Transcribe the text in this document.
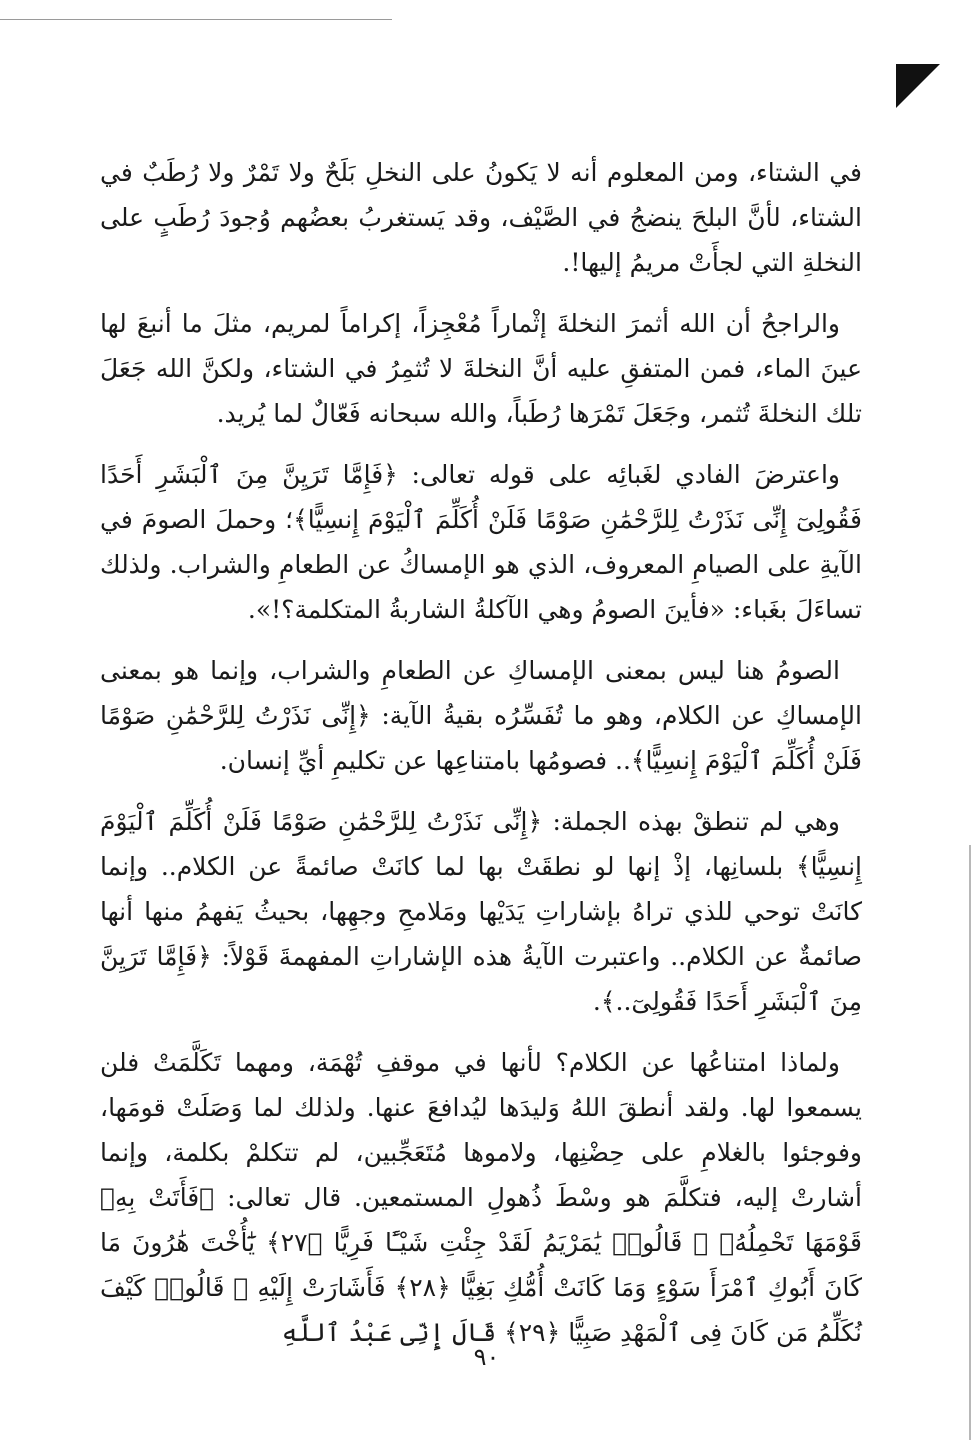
في الشتاء، ومن المعلوم أنه لا يَكونُ على النخلِ بَلَحٌ ولا تَمْرٌ ولا رُطَبٌ في الشتاء، لأنَّ البلحَ ينضجُ في الصَّيْف، وقد يَستغربُ بعضُهم وُجودَ رُطَبٍ على النخلةِ التي لجأَتْ مريمُ إليها!.

والراجحُ أن الله أثمرَ النخلةَ إثْماراً مُعْجِزاً، إكراماً لمريم، مثلَ ما أنبعَ لها عينَ الماء، فمن المتفقِ عليه أنَّ النخلةَ لا تُثمِرُ في الشتاء، ولكنَّ الله جَعَلَ تلك النخلةَ تُثمر، وجَعَلَ تَمْرَها رُطَباً، والله سبحانه فَعّالٌ لما يُريد.

واعترضَ الفادي لغَبائِه على قوله تعالى: ﴿فَإِمَّا تَرَيِنَّ مِنَ ٱلْبَشَرِ أَحَدًا فَقُولِىٓ إِنِّى نَذَرْتُ لِلرَّحْمَٰنِ صَوْمًا فَلَنْ أُكَلِّمَ ٱلْيَوْمَ إِنسِيًّا﴾؛ وحملَ الصومَ في الآيةِ على الصيامِ المعروف، الذي هو الإمساكُ عن الطعامِ والشراب. ولذلك تساءَلَ بغَباء: «فأينَ الصومُ وهي الآكلةُ الشاربةُ المتكلمة؟!».

الصومُ هنا ليس بمعنى الإمساكِ عن الطعامِ والشراب، وإنما هو بمعنى الإمساكِ عن الكلام، وهو ما تُفَسِّرُه بقيةُ الآية: ﴿إِنِّى نَذَرْتُ لِلرَّحْمَٰنِ صَوْمًا فَلَنْ أُكَلِّمَ ٱلْيَوْمَ إِنسِيًّا﴾.. فصومُها بامتناعِها عن تكليمِ أيِّ إنسان.

وهي لم تنطقْ بهذه الجملة: ﴿إِنِّى نَذَرْتُ لِلرَّحْمَٰنِ صَوْمًا فَلَنْ أُكَلِّمَ ٱلْيَوْمَ إِنسِيًّا﴾ بلسانِها، إذْ إنها لو نطقَتْ بها لما كانَتْ صائمةً عن الكلام.. وإنما كانَتْ توحي للذي تراهُ بإشاراتِ يَدَيْها ومَلامحِ وجهِها، بحيثُ يَفهمُ منها أنها صائمةٌ عن الكلام.. واعتبرت الآيةُ هذه الإشاراتِ المفهمةَ قَوْلاً: ﴿فَإِمَّا تَرَيِنَّ مِنَ ٱلْبَشَرِ أَحَدًا فَقُولِىٓ..﴾.

ولماذا امتناعُها عن الكلام؟ لأنها في موقفِ تُهْمَة، ومهما تَكَلَّمَتْ فلن يسمعوا لها. ولقد أنطقَ اللهُ وَليدَها ليُدافعَ عنها. ولذلك لما وَصَلَتْ قومَها، وفوجئوا بالغلامِ على حِضْنِها، ولاموها مُتَعَجِّبين، لم تتكلمْ بكلمة، وإنما أشارتْ إليه، فتكلَّمَ هو وسْطَ ذُهولِ المستمعين. قال تعالى: ﴿فَأَتَتْ بِهِۦ قَوْمَهَا تَحْمِلُهُۥ ۖ قَالُوا۟ يَٰمَرْيَمُ لَقَدْ جِئْتِ شَيْـًٔا فَرِيًّا ﴿٢٧﴾ يَٰٓأُخْتَ هَٰرُونَ مَا كَانَ أَبُوكِ ٱمْرَأَ سَوْءٍ وَمَا كَانَتْ أُمُّكِ بَغِيًّا ﴿٢٨﴾ فَأَشَارَتْ إِلَيْهِ ۖ قَالُوا۟ كَيْفَ نُكَلِّمُ مَن كَانَ فِى ٱلْمَهْدِ صَبِيًّا ﴿٢٩﴾ قَالَ إِنِّى عَبْدُ ٱللَّهِ

٩٠
